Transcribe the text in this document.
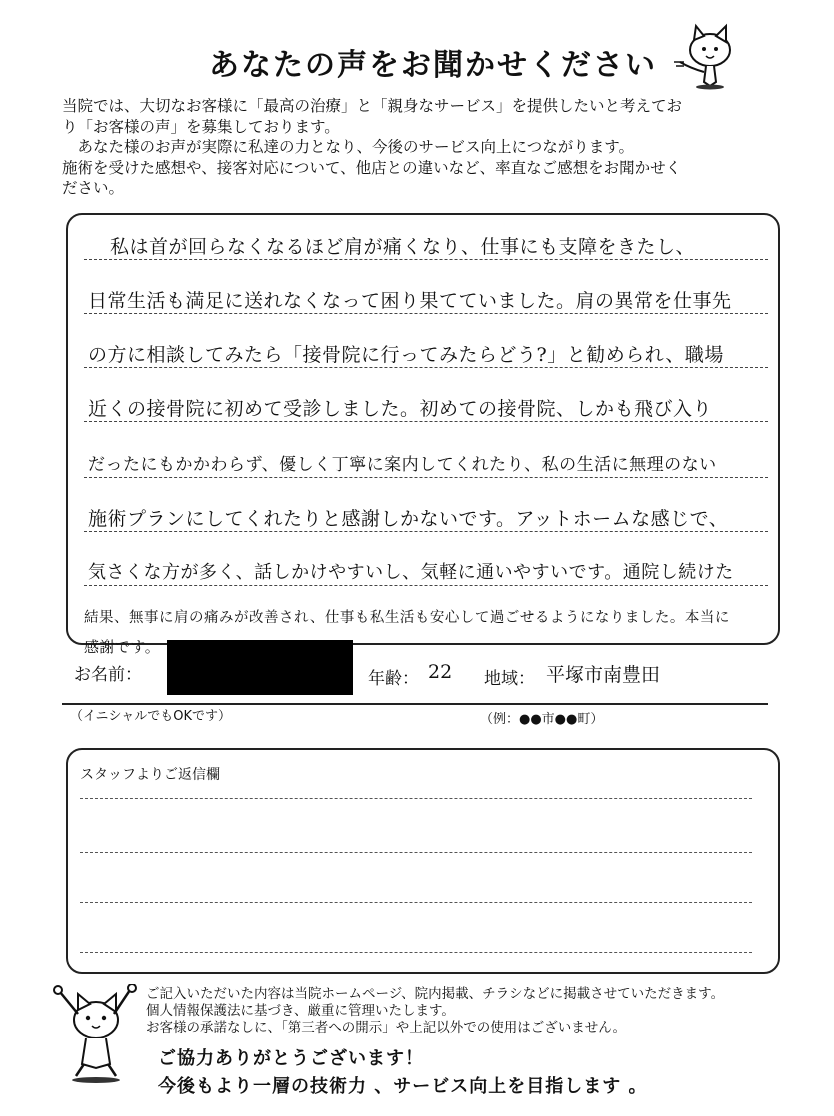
あなたの声をお聞かせください

当院では、大切なお客様に「最高の治療」と「親身なサービス」を提供したいと考えてお

り「お客様の声」を募集しております。

あなた様のお声が実際に私達の力となり、今後のサービス向上につながります。

施術を受けた感想や、接客対応について、他店との違いなど、率直なご感想をお聞かせく

ださい。

私は首が回らなくなるほど肩が痛くなり、仕事にも支障をきたし、
日常生活も満足に送れなくなって困り果てていました。肩の異常を仕事先
の方に相談してみたら「接骨院に行ってみたらどう?」と勧められ、職場
近くの接骨院に初めて受診しました。初めての接骨院、しかも飛び入り
だったにもかかわらず、優しく丁寧に案内してくれたり、私の生活に無理のない
施術プランにしてくれたりと感謝しかないです。アットホームな感じで、
気さくな方が多く、話しかけやすいし、気軽に通いやすいです。通院し続けた
結果、無事に肩の痛みが改善され、仕事も私生活も安心して過ごせるようになりました。本当に
感謝です。
お名前：	年齢： 22 地域： 平塚市南豊田
（イニシャルでもOKです）	（例：●●市●●町）
スタッフよりご返信欄

ご記入いただいた内容は当院ホームページ、院内掲載、チラシなどに掲載させていただきます。

個人情報保護法に基づき、厳重に管理いたします。

お客様の承諾なしに、「第三者への開示」や上記以外での使用はございません。

ご協力ありがとうございます！
今後もより一層の技術力 、サービス向上を目指します 。
